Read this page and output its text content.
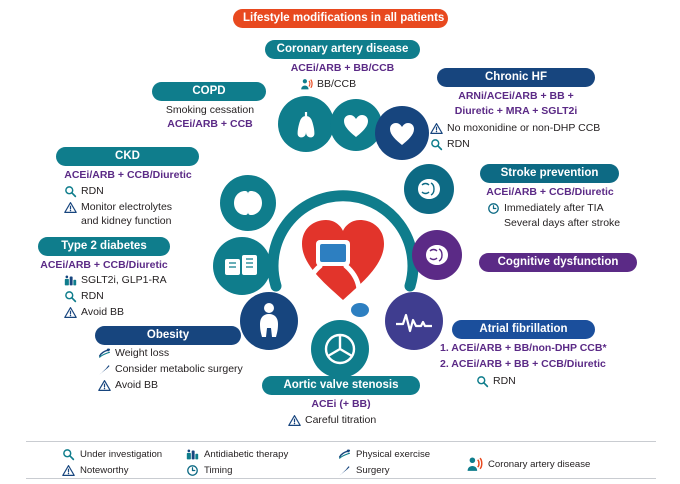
Lifestyle modifications in all patients
Coronary artery disease
ACEi/ARB + BB/CCB
BB/CCB
COPD
Smoking cessation
ACEi/ARB + CCB
CKD
ACEi/ARB + CCB/Diuretic
RDN
Monitor electrolytes
and kidney function
Type 2 diabetes
ACEi/ARB + CCB/Diuretic
SGLT2i, GLP1-RA
RDN
Avoid BB
Obesity
Weight loss
Consider metabolic surgery
Avoid BB	Aortic valve stenosis
ACEi (+ BB)
Careful titration
Atrial fibrillation
1. ACEi/ARB + BB/non-DHP CCB*
2. ACEi/ARB + BB + CCB/Diuretic
RDN
Cognitive dysfunction
Stroke prevention
ACEi/ARB + CCB/Diuretic
Immediately after TIA
Several days after stroke
Chronic HF
ARNi/ACEi/ARB + BB +
Diuretic + MRA + SGLT2i
No moxonidine or non-DHP CCB
RDN
Under investigation
Noteworthy
Antidiabetic therapy
Timing
Physical exercise
Surgery
Coronary artery disease
